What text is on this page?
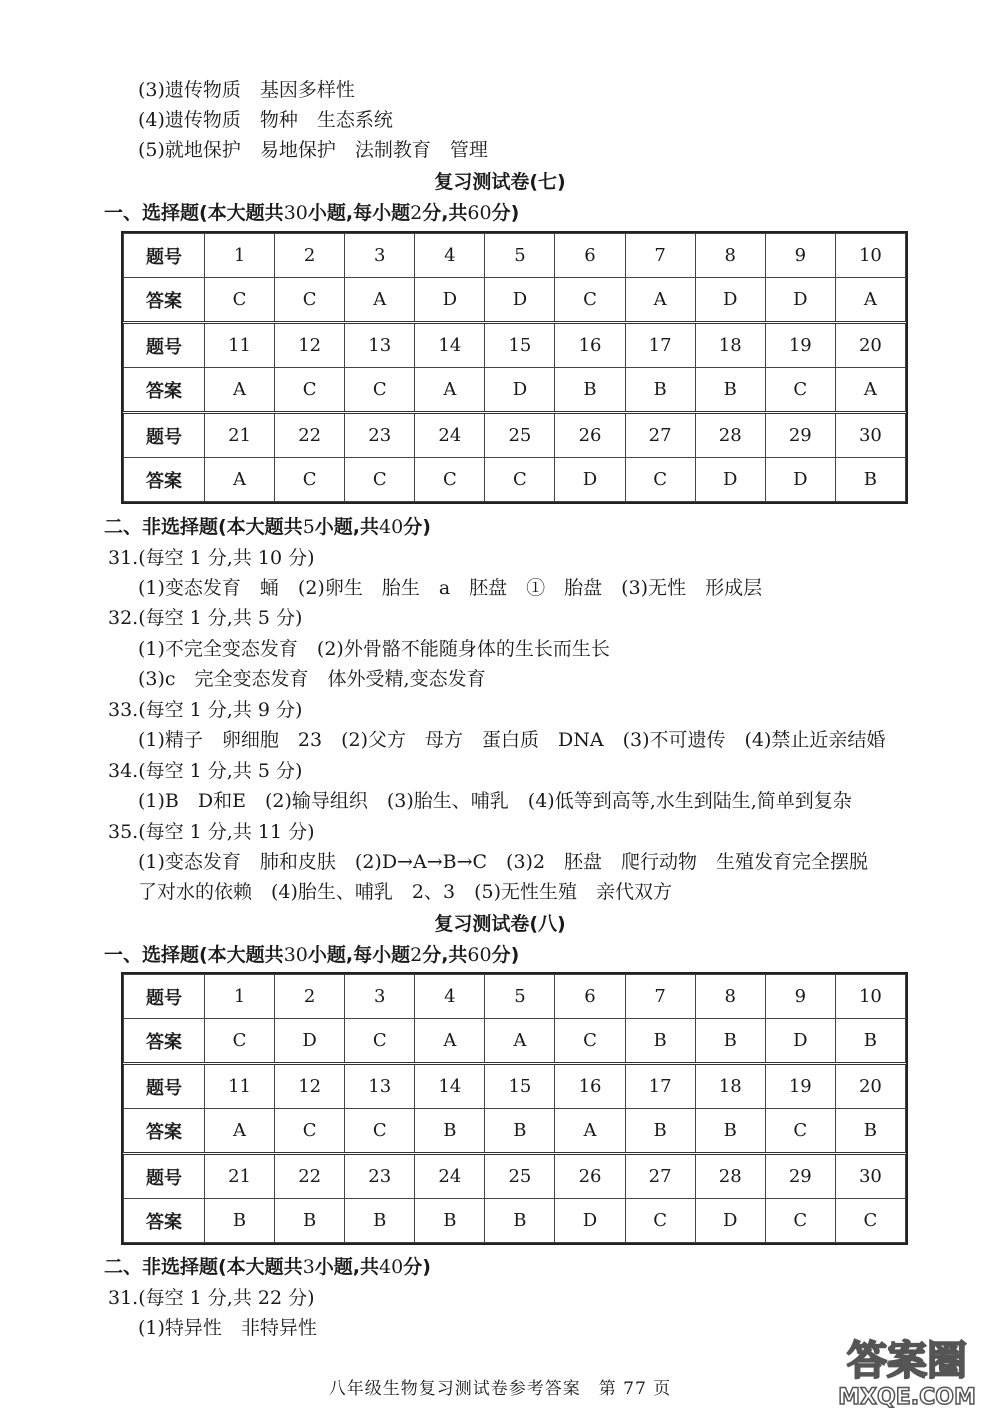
(3)遗传物质　基因多样性
(4)遗传物质　物种　生态系统
(5)就地保护　易地保护　法制教育　管理
复习测试卷(七)
一、选择题(本大题共30小题,每小题2分,共60分)
题号	1	2	3	4	5	6	7	8	9	10
答案	C	C	A	D	D	C	A	D	D	A
题号	11	12	13	14	15	16	17	18	19	20
答案	A	C	C	A	D	B	B	B	C	A
题号	21	22	23	24	25	26	27	28	29	30
答案	A	C	C	C	C	D	C	D	D	B
二、非选择题(本大题共5小题,共40分)
31.(每空 1 分,共 10 分)
(1)变态发育　蛹　(2)卵生　胎生　a　胚盘　①　胎盘　(3)无性　形成层
32.(每空 1 分,共 5 分)
(1)不完全变态发育　(2)外骨骼不能随身体的生长而生长
(3)c　完全变态发育　体外受精,变态发育
33.(每空 1 分,共 9 分)
(1)精子　卵细胞　23　(2)父方　母方　蛋白质　DNA　(3)不可遗传　(4)禁止近亲结婚
34.(每空 1 分,共 5 分)
(1)B　D和E　(2)输导组织　(3)胎生、哺乳　(4)低等到高等,水生到陆生,简单到复杂
35.(每空 1 分,共 11 分)
(1)变态发育　肺和皮肤　(2)D→A→B→C　(3)2　胚盘　爬行动物　生殖发育完全摆脱
了对水的依赖　(4)胎生、哺乳　2、3　(5)无性生殖　亲代双方
复习测试卷(八)
一、选择题(本大题共30小题,每小题2分,共60分)
题号	1	2	3	4	5	6	7	8	9	10
答案	C	D	C	A	A	C	B	B	D	B
题号	11	12	13	14	15	16	17	18	19	20
答案	A	C	C	B	B	A	B	B	C	B
题号	21	22	23	24	25	26	27	28	29	30
答案	B	B	B	B	B	D	C	D	C	C
二、非选择题(本大题共3小题,共40分)
31.(每空 1 分,共 22 分)
(1)特异性　非特异性
八年级生物复习测试卷参考答案　第 77 页
答案圈
MXQE.COM
